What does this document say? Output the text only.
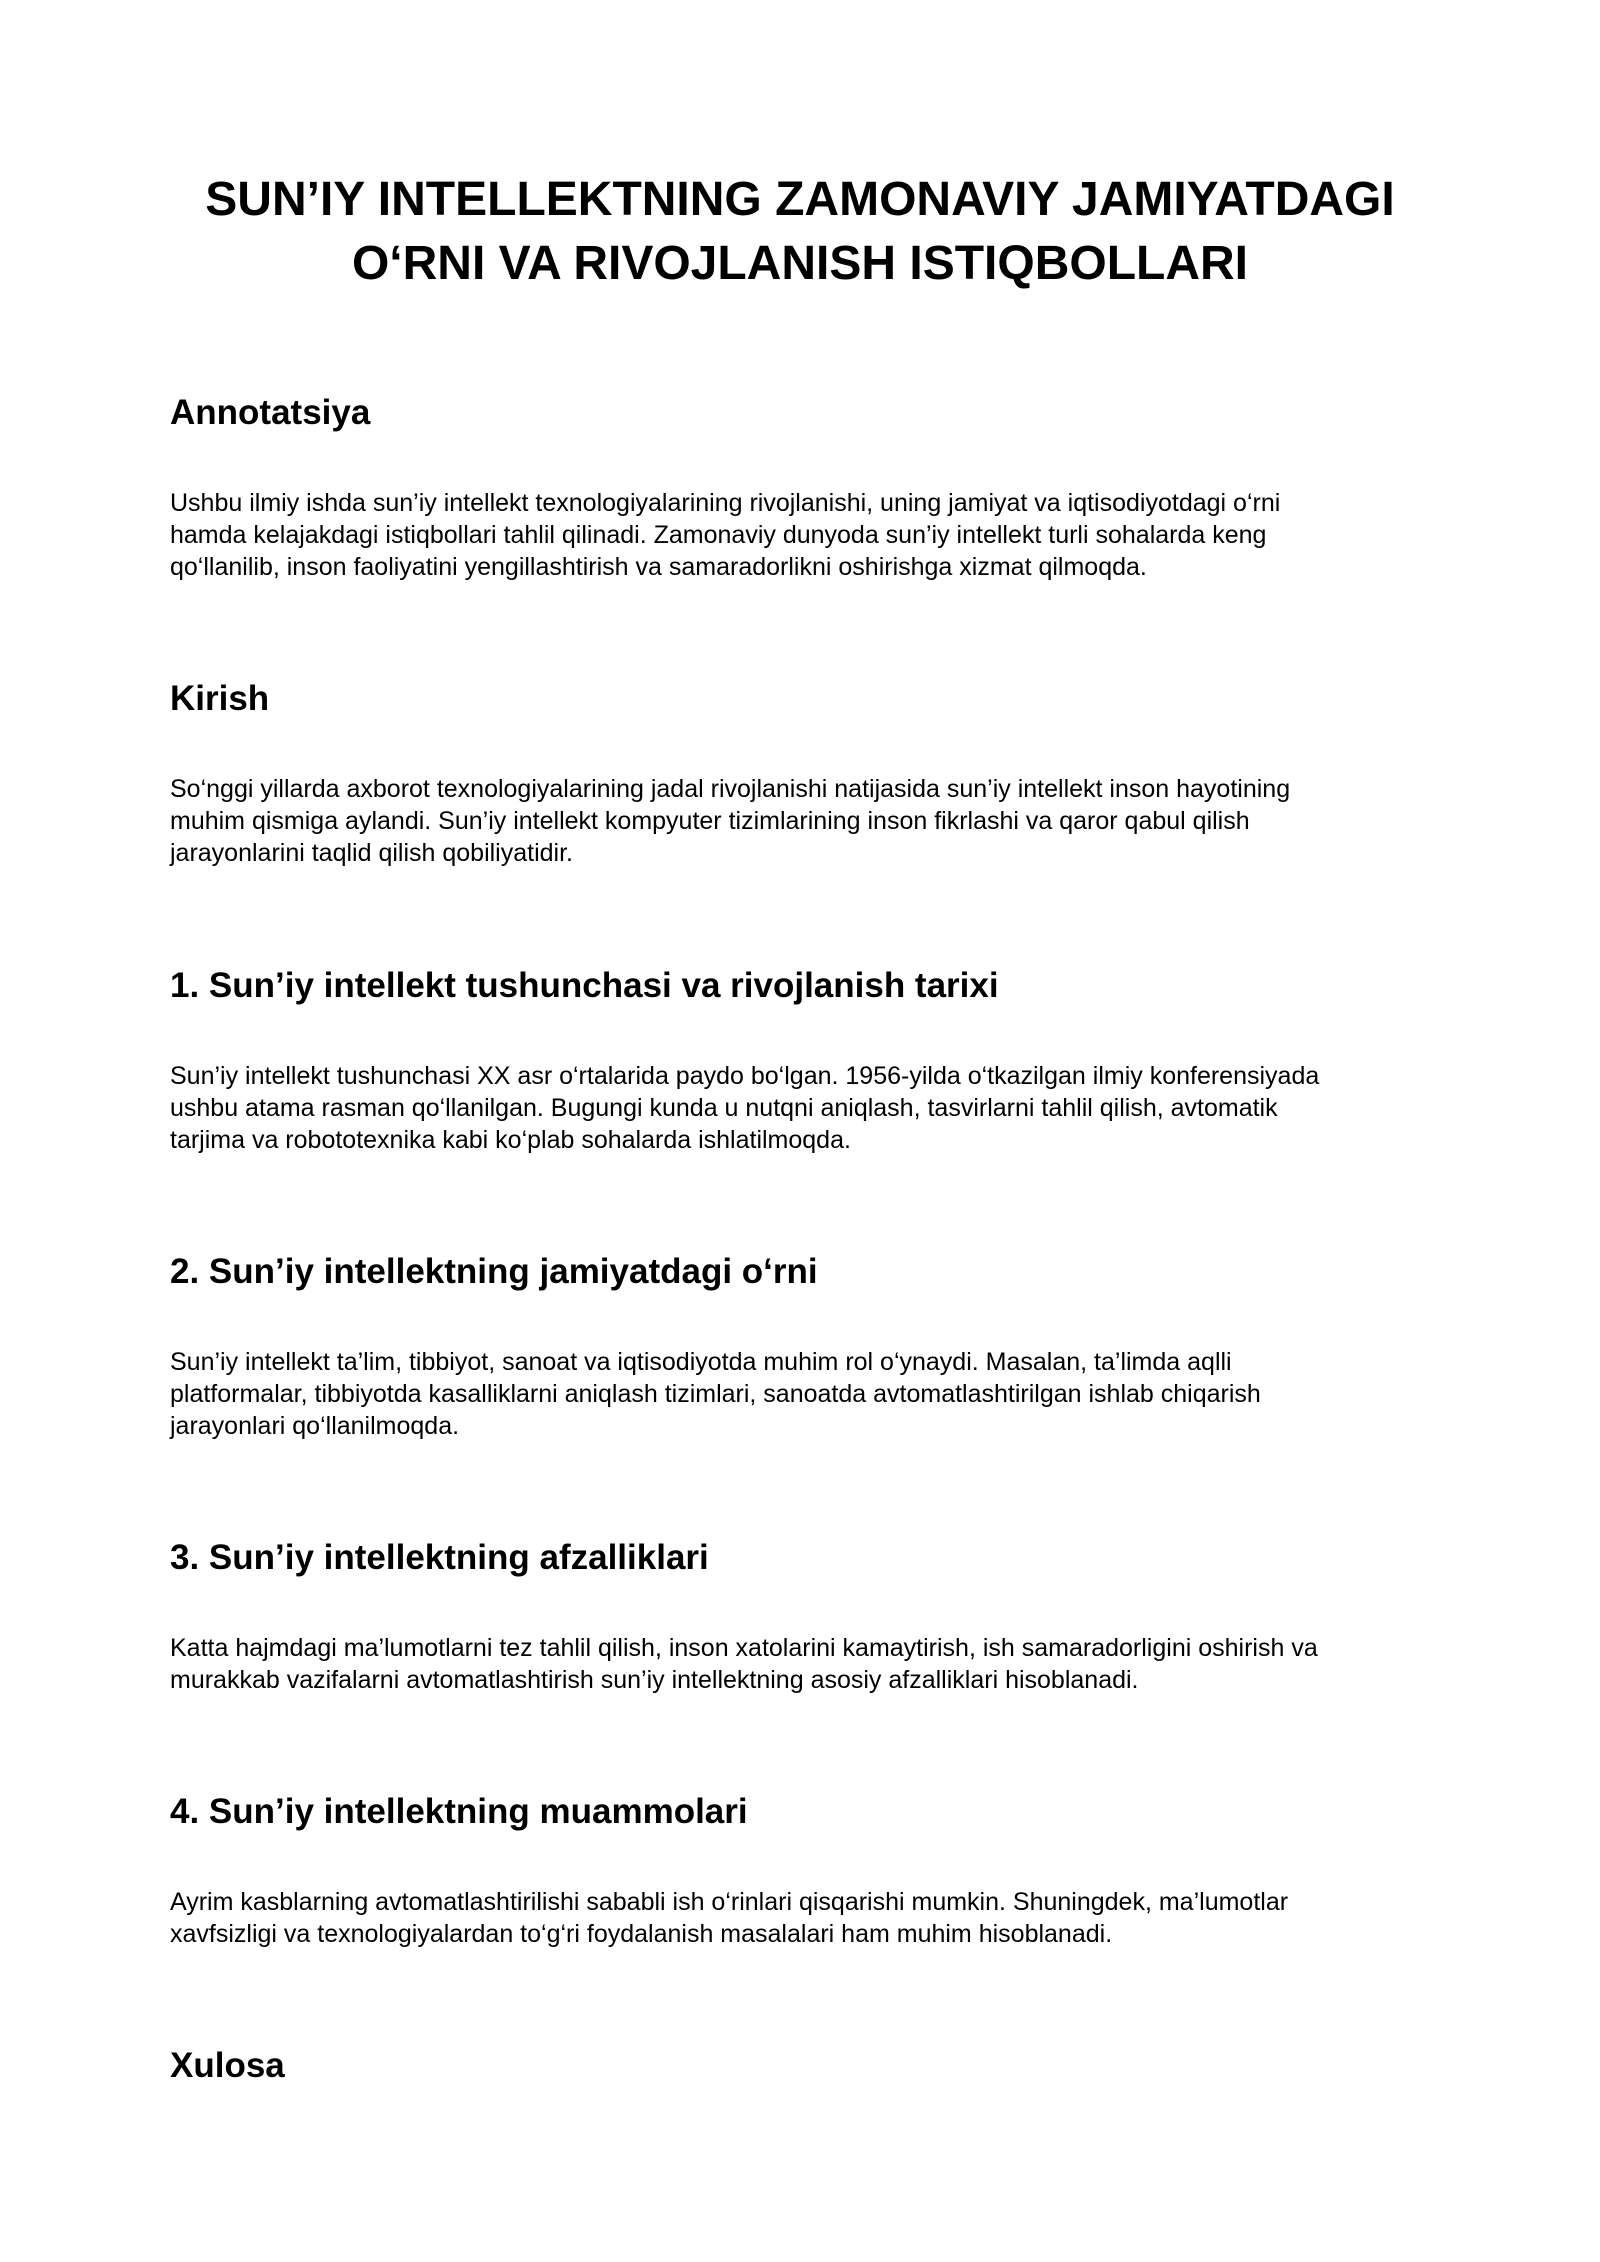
SUN’IY INTELLEKTNING ZAMONAVIY JAMIYATDAGI
O‘RNI VA RIVOJLANISH ISTIQBOLLARI
Annotatsiya

Ushbu ilmiy ishda sun’iy intellekt texnologiyalarining rivojlanishi, uning jamiyat va iqtisodiyotdagi o‘rni
hamda kelajakdagi istiqbollari tahlil qilinadi. Zamonaviy dunyoda sun’iy intellekt turli sohalarda keng
qo‘llanilib, inson faoliyatini yengillashtirish va samaradorlikni oshirishga xizmat qilmoqda.

Kirish

So‘nggi yillarda axborot texnologiyalarining jadal rivojlanishi natijasida sun’iy intellekt inson hayotining
muhim qismiga aylandi. Sun’iy intellekt kompyuter tizimlarining inson fikrlashi va qaror qabul qilish
jarayonlarini taqlid qilish qobiliyatidir.

1. Sun’iy intellekt tushunchasi va rivojlanish tarixi

Sun’iy intellekt tushunchasi XX asr o‘rtalarida paydo bo‘lgan. 1956-yilda o‘tkazilgan ilmiy konferensiyada
ushbu atama rasman qo‘llanilgan. Bugungi kunda u nutqni aniqlash, tasvirlarni tahlil qilish, avtomatik
tarjima va robototexnika kabi ko‘plab sohalarda ishlatilmoqda.

2. Sun’iy intellektning jamiyatdagi o‘rni

Sun’iy intellekt ta’lim, tibbiyot, sanoat va iqtisodiyotda muhim rol o‘ynaydi. Masalan, ta’limda aqlli
platformalar, tibbiyotda kasalliklarni aniqlash tizimlari, sanoatda avtomatlashtirilgan ishlab chiqarish
jarayonlari qo‘llanilmoqda.

3. Sun’iy intellektning afzalliklari

Katta hajmdagi ma’lumotlarni tez tahlil qilish, inson xatolarini kamaytirish, ish samaradorligini oshirish va
murakkab vazifalarni avtomatlashtirish sun’iy intellektning asosiy afzalliklari hisoblanadi.

4. Sun’iy intellektning muammolari

Ayrim kasblarning avtomatlashtirilishi sababli ish o‘rinlari qisqarishi mumkin. Shuningdek, ma’lumotlar
xavfsizligi va texnologiyalardan to‘g‘ri foydalanish masalalari ham muhim hisoblanadi.

Xulosa
